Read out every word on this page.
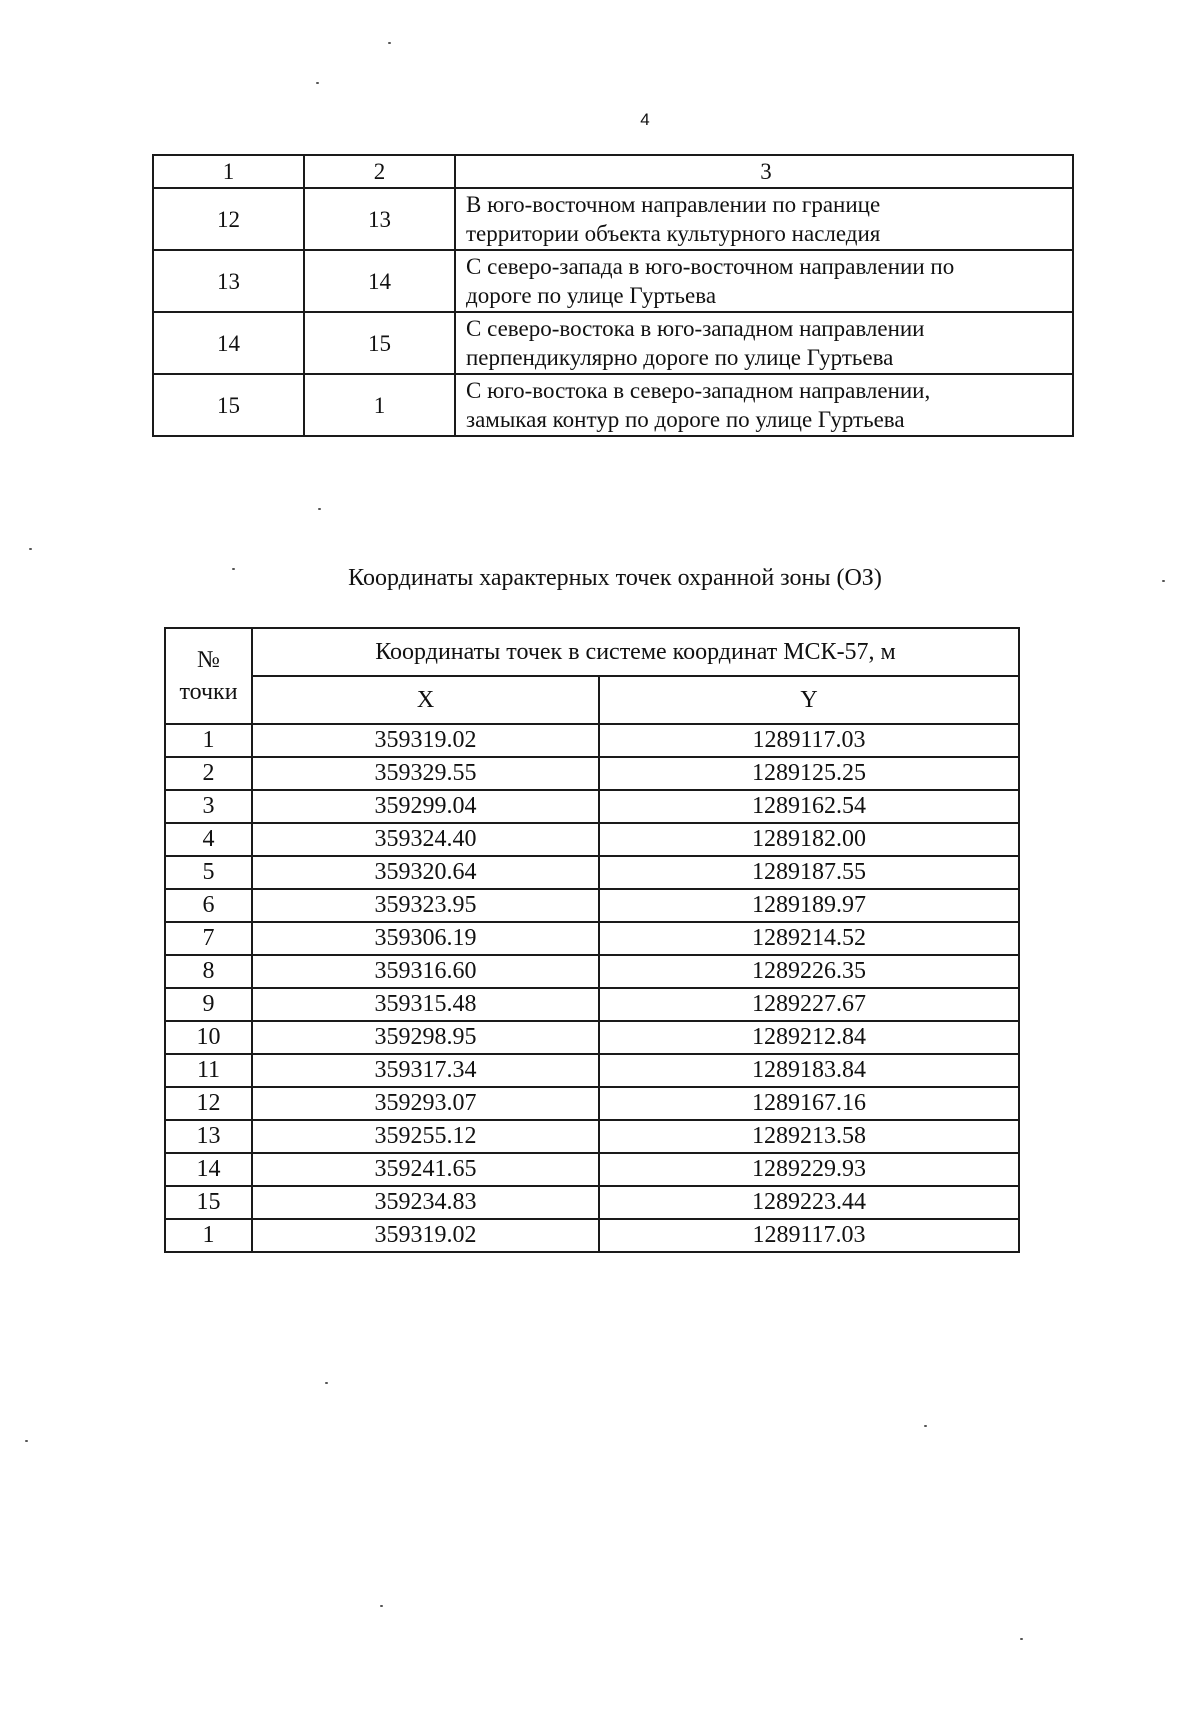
4
1	2	3
12	13	В юго-восточном направлении по границе
территории объекта культурного наследия

13	14	С северо-запада в юго-восточном направлении по
дороге по улице Гуртьева

14	15	С северо-востока в юго-западном направлении
перпендикулярно дороге по улице Гуртьева

15	1	С юго-востока в северо-западном направлении,
замыкая контур по дороге по улице Гуртьева
Координаты характерных точек охранной зоны (ОЗ)
№
точки	Координаты точек в системе координат МСК-57, м	
	X	Y
1	359319.02	1289117.03
2	359329.55	1289125.25
3	359299.04	1289162.54
4	359324.40	1289182.00
5	359320.64	1289187.55
6	359323.95	1289189.97
7	359306.19	1289214.52
8	359316.60	1289226.35
9	359315.48	1289227.67
10	359298.95	1289212.84
11	359317.34	1289183.84
12	359293.07	1289167.16
13	359255.12	1289213.58
14	359241.65	1289229.93
15	359234.83	1289223.44
1	359319.02	1289117.03
